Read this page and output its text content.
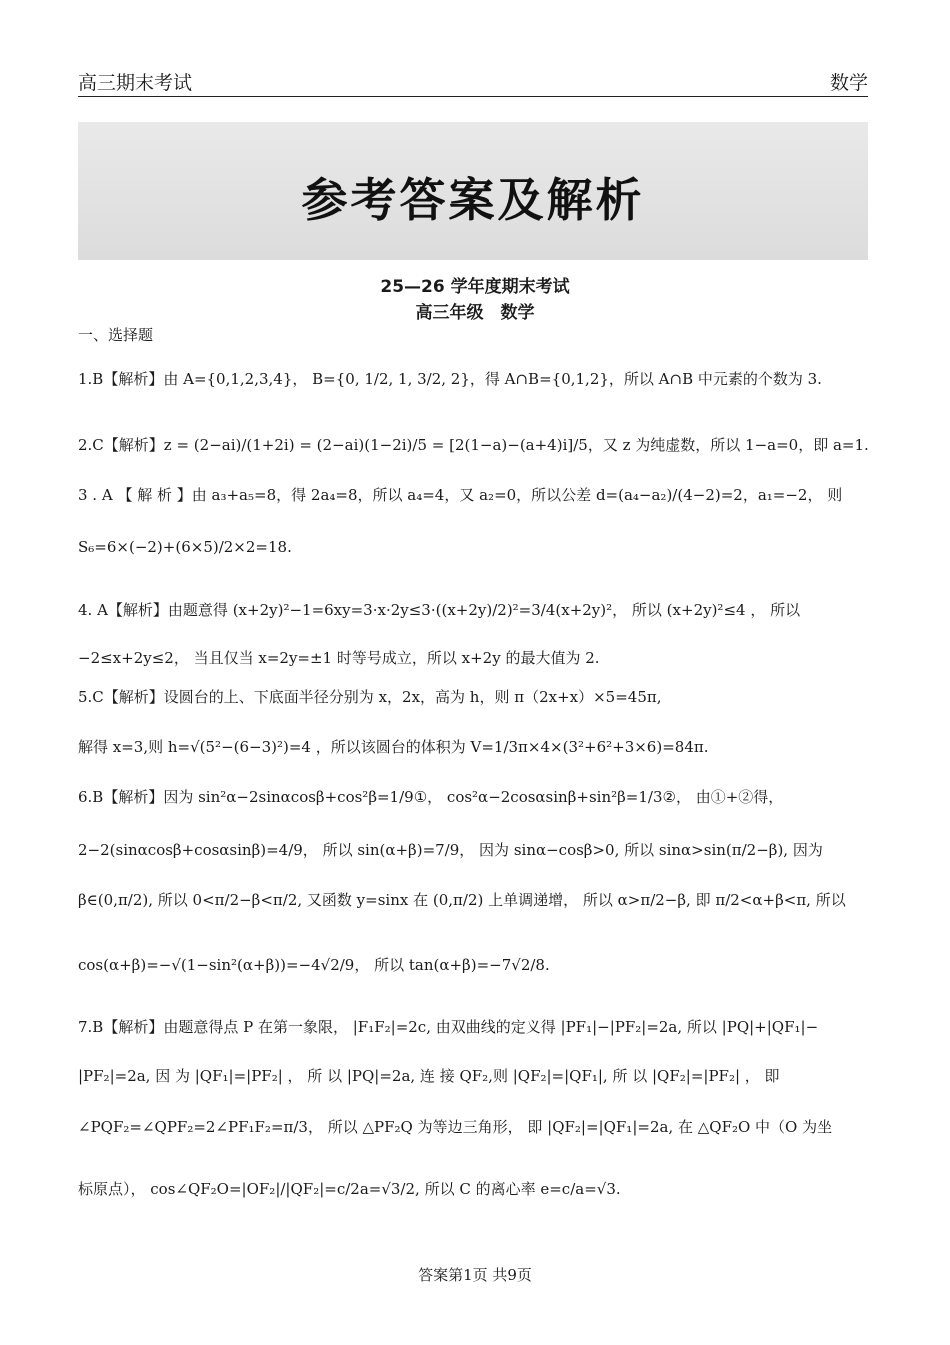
高三期末考试	数学
参考答案及解析
25—26 学年度期末考试
高三年级　数学
一、选择题
1.B【解析】由 A={0,1,2,3,4}， B={0, 1/2, 1, 3/2, 2}，得 A∩B={0,1,2}，所以 A∩B 中元素的个数为 3.
2.C【解析】z = (2−ai)/(1+2i) = (2−ai)(1−2i)/5 = [2(1−a)−(a+4)i]/5，又 z 为纯虚数，所以 1−a=0，即 a=1.
3 . A 【 解 析 】由 a₃+a₅=8，得 2a₄=8，所以 a₄=4，又 a₂=0，所以公差 d=(a₄−a₂)/(4−2)=2，a₁=−2， 则
S₆=6×(−2)+(6×5)/2×2=18.
4. A【解析】由题意得 (x+2y)²−1=6xy=3·x·2y≤3·((x+2y)/2)²=3/4(x+2y)²， 所以 (x+2y)²≤4 ， 所以
−2≤x+2y≤2， 当且仅当 x=2y=±1 时等号成立，所以 x+2y 的最大值为 2.
5.C【解析】设圆台的上、下底面半径分别为 x，2x，高为 h，则 π（2x+x）×5=45π,
解得 x=3,则 h=√(5²−(6−3)²)=4 ，所以该圆台的体积为 V=1/3π×4×(3²+6²+3×6)=84π.
6.B【解析】因为 sin²α−2sinαcosβ+cos²β=1/9①， cos²α−2cosαsinβ+sin²β=1/3②， 由①+②得，
2−2(sinαcosβ+cosαsinβ)=4/9， 所以 sin(α+β)=7/9， 因为 sinα−cosβ>0, 所以 sinα>sin(π/2−β), 因为
β∈(0,π/2), 所以 0<π/2−β<π/2, 又函数 y=sinx 在 (0,π/2) 上单调递增， 所以 α>π/2−β, 即 π/2<α+β<π, 所以
cos(α+β)=−√(1−sin²(α+β))=−4√2/9， 所以 tan(α+β)=−7√2/8.
7.B【解析】由题意得点 P 在第一象限， |F₁F₂|=2c, 由双曲线的定义得 |PF₁|−|PF₂|=2a, 所以 |PQ|+|QF₁|−
|PF₂|=2a, 因 为 |QF₁|=|PF₂| ， 所 以 |PQ|=2a, 连 接 QF₂,则 |QF₂|=|QF₁|, 所 以 |QF₂|=|PF₂| ， 即
∠PQF₂=∠QPF₂=2∠PF₁F₂=π/3， 所以 △PF₂Q 为等边三角形， 即 |QF₂|=|QF₁|=2a, 在 △QF₂O 中（O 为坐
标原点）， cos∠QF₂O=|OF₂|/|QF₂|=c/2a=√3/2, 所以 C 的离心率 e=c/a=√3.
答案第1页 共9页
